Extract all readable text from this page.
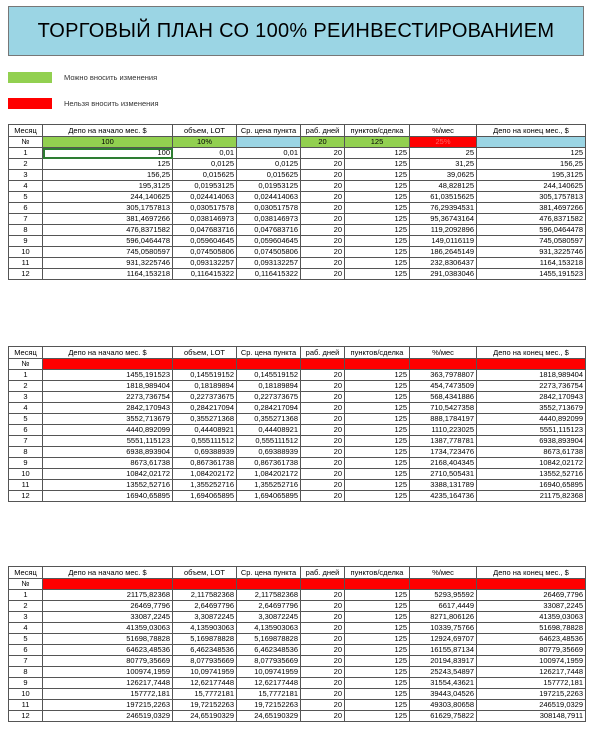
ТОРГОВЫЙ ПЛАН СО 100% РЕИНВЕСТИРОВАНИЕМ
Можно вносить изменения
Нельзя вносить изменения
Месяц	Депо на начало мес. $	объем, LOT	Ср. цена пункта	раб. дней	пунктов/сделка	%/мес	Депо на конец мес., $
№	100	10%		20	125	25%	
1	100	0,01	0,01	20	125	25	125
2	125	0,0125	0,0125	20	125	31,25	156,25
3	156,25	0,015625	0,015625	20	125	39,0625	195,3125
4	195,3125	0,01953125	0,01953125	20	125	48,828125	244,140625
5	244,140625	0,024414063	0,024414063	20	125	61,03515625	305,1757813
6	305,1757813	0,030517578	0,030517578	20	125	76,29394531	381,4697266
7	381,4697266	0,038146973	0,038146973	20	125	95,36743164	476,8371582
8	476,8371582	0,047683716	0,047683716	20	125	119,2092896	596,0464478
9	596,0464478	0,059604645	0,059604645	20	125	149,0116119	745,0580597
10	745,0580597	0,074505806	0,074505806	20	125	186,2645149	931,3225746
11	931,3225746	0,093132257	0,093132257	20	125	232,8306437	1164,153218
12	1164,153218	0,116415322	0,116415322	20	125	291,0383046	1455,191523
Месяц	Депо на начало мес. $	объем, LOT	Ср. цена пункта	раб. дней	пунктов/сделка	%/мес	Депо на конец мес., $
№							
1	1455,191523	0,145519152	0,145519152	20	125	363,7978807	1818,989404
2	1818,989404	0,18189894	0,18189894	20	125	454,7473509	2273,736754
3	2273,736754	0,227373675	0,227373675	20	125	568,4341886	2842,170943
4	2842,170943	0,284217094	0,284217094	20	125	710,5427358	3552,713679
5	3552,713679	0,355271368	0,355271368	20	125	888,1784197	4440,892099
6	4440,892099	0,44408921	0,44408921	20	125	1110,223025	5551,115123
7	5551,115123	0,555111512	0,555111512	20	125	1387,778781	6938,893904
8	6938,893904	0,69388939	0,69388939	20	125	1734,723476	8673,61738
9	8673,61738	0,867361738	0,867361738	20	125	2168,404345	10842,02172
10	10842,02172	1,084202172	1,084202172	20	125	2710,505431	13552,52716
11	13552,52716	1,355252716	1,355252716	20	125	3388,131789	16940,65895
12	16940,65895	1,694065895	1,694065895	20	125	4235,164736	21175,82368
Месяц	Депо на начало мес. $	объем, LOT	Ср. цена пункта	раб. дней	пунктов/сделка	%/мес	Депо на конец мес., $
№							
1	21175,82368	2,117582368	2,117582368	20	125	5293,95592	26469,7796
2	26469,7796	2,64697796	2,64697796	20	125	6617,4449	33087,2245
3	33087,2245	3,30872245	3,30872245	20	125	8271,806126	41359,03063
4	41359,03063	4,135903063	4,135903063	20	125	10339,75766	51698,78828
5	51698,78828	5,169878828	5,169878828	20	125	12924,69707	64623,48536
6	64623,48536	6,462348536	6,462348536	20	125	16155,87134	80779,35669
7	80779,35669	8,077935669	8,077935669	20	125	20194,83917	100974,1959
8	100974,1959	10,09741959	10,09741959	20	125	25243,54897	126217,7448
9	126217,7448	12,62177448	12,62177448	20	125	31554,43621	157772,181
10	157772,181	15,7772181	15,7772181	20	125	39443,04526	197215,2263
11	197215,2263	19,72152263	19,72152263	20	125	49303,80658	246519,0329
12	246519,0329	24,65190329	24,65190329	20	125	61629,75822	308148,7911
